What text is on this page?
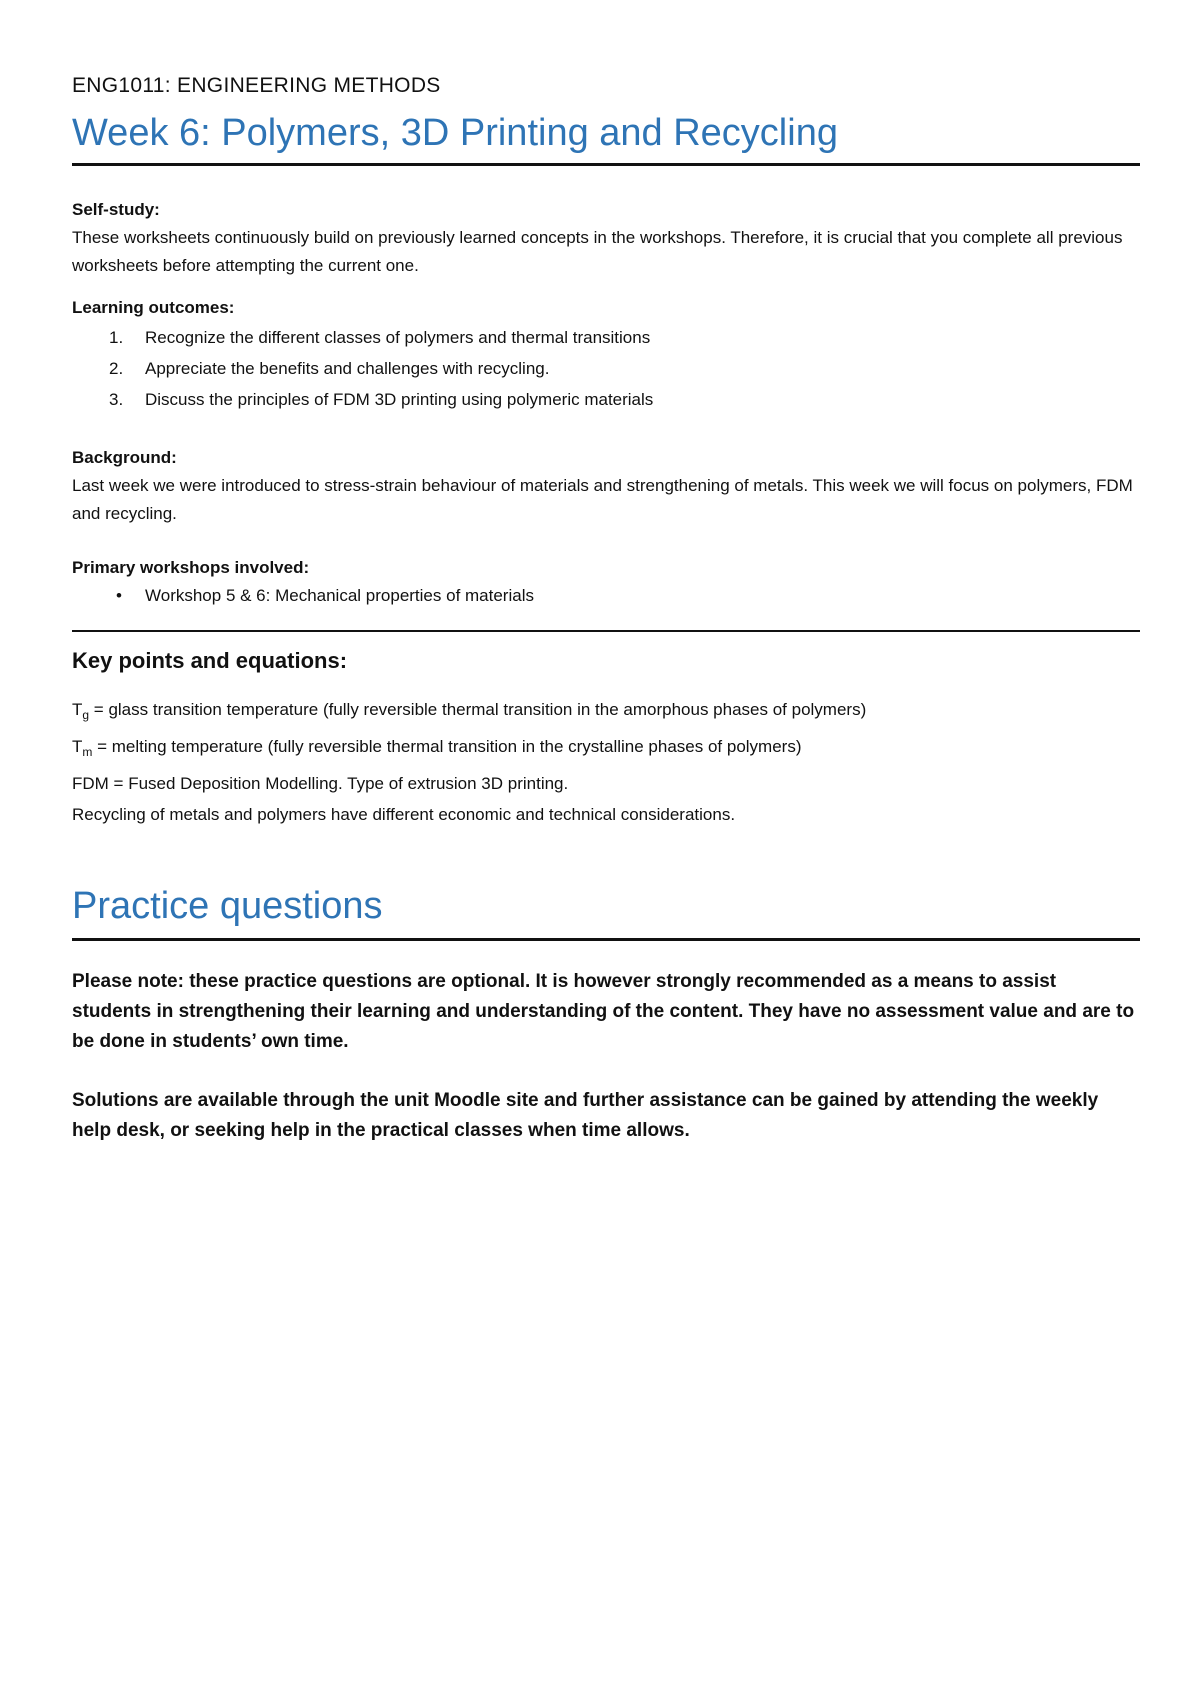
ENG1011: ENGINEERING METHODS
Week 6: Polymers, 3D Printing and Recycling
Self-study:
These worksheets continuously build on previously learned concepts in the workshops. Therefore, it is crucial that you complete all previous worksheets before attempting the current one.
Learning outcomes:
1. Recognize the different classes of polymers and thermal transitions
2. Appreciate the benefits and challenges with recycling.
3. Discuss the principles of FDM 3D printing using polymeric materials
Background:
Last week we were introduced to stress-strain behaviour of materials and strengthening of metals. This week we will focus on polymers, FDM and recycling.
Primary workshops involved:
• Workshop 5 & 6: Mechanical properties of materials
Key points and equations:
$T_g$ = glass transition temperature (fully reversible thermal transition in the amorphous phases of polymers)
$T_m$ = melting temperature (fully reversible thermal transition in the crystalline phases of polymers)
FDM = Fused Deposition Modelling. Type of extrusion 3D printing.
Recycling of metals and polymers have different economic and technical considerations.
Practice questions
Please note: these practice questions are optional. It is however strongly recommended as a means to assist students in strengthening their learning and understanding of the content. They have no assessment value and are to be done in students’ own time.
Solutions are available through the unit Moodle site and further assistance can be gained by attending the weekly help desk, or seeking help in the practical classes when time allows.
